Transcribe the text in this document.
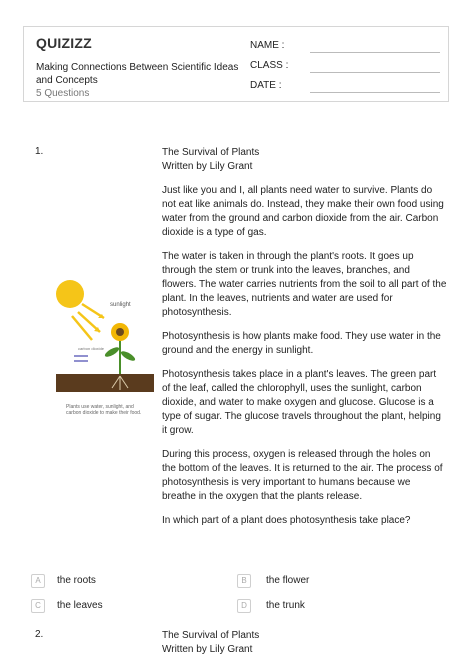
QUIZIZZ
Making Connections Between Scientific Ideas and Concepts
5 Questions
NAME :
CLASS :
DATE :
1.	The Survival of Plants
Written by Lily Grant

Just like you and I, all plants need water to survive. Plants do not eat like animals do. Instead, they make their own food using water from the ground and carbon dioxide from the air. Carbon dioxide is a type of gas.

The water is taken in through the plant's roots. It goes up through the stem or trunk into the leaves, branches, and flowers. The water carries nutrients from the soil to all part of the plant. In the leaves, nutrients and water are used for photosynthesis.

Photosynthesis is how plants make food. They use water in the ground and the energy in sunlight.

Photosynthesis takes place in a plant's leaves. The green part of the leaf, called the chlorophyll, uses the sunlight, carbon dioxide, and water to make oxygen and glucose. Glucose is a type of sugar. The glucose travels throughout the plant, helping it grow.

During this process, oxygen is released through the holes on the bottom of the leaves. It is returned to the air. The process of photosynthesis is very important to humans because we breathe in the oxygen that the plants release.

In which part of a plant does photosynthesis take place?

sunlight
carbon dioxide
Plants use water, sunlight, and carbon dioxide to make their food.
A	the roots	B	the flower
C	the leaves	D	the trunk
2.	The Survival of Plants
Written by Lily Grant
